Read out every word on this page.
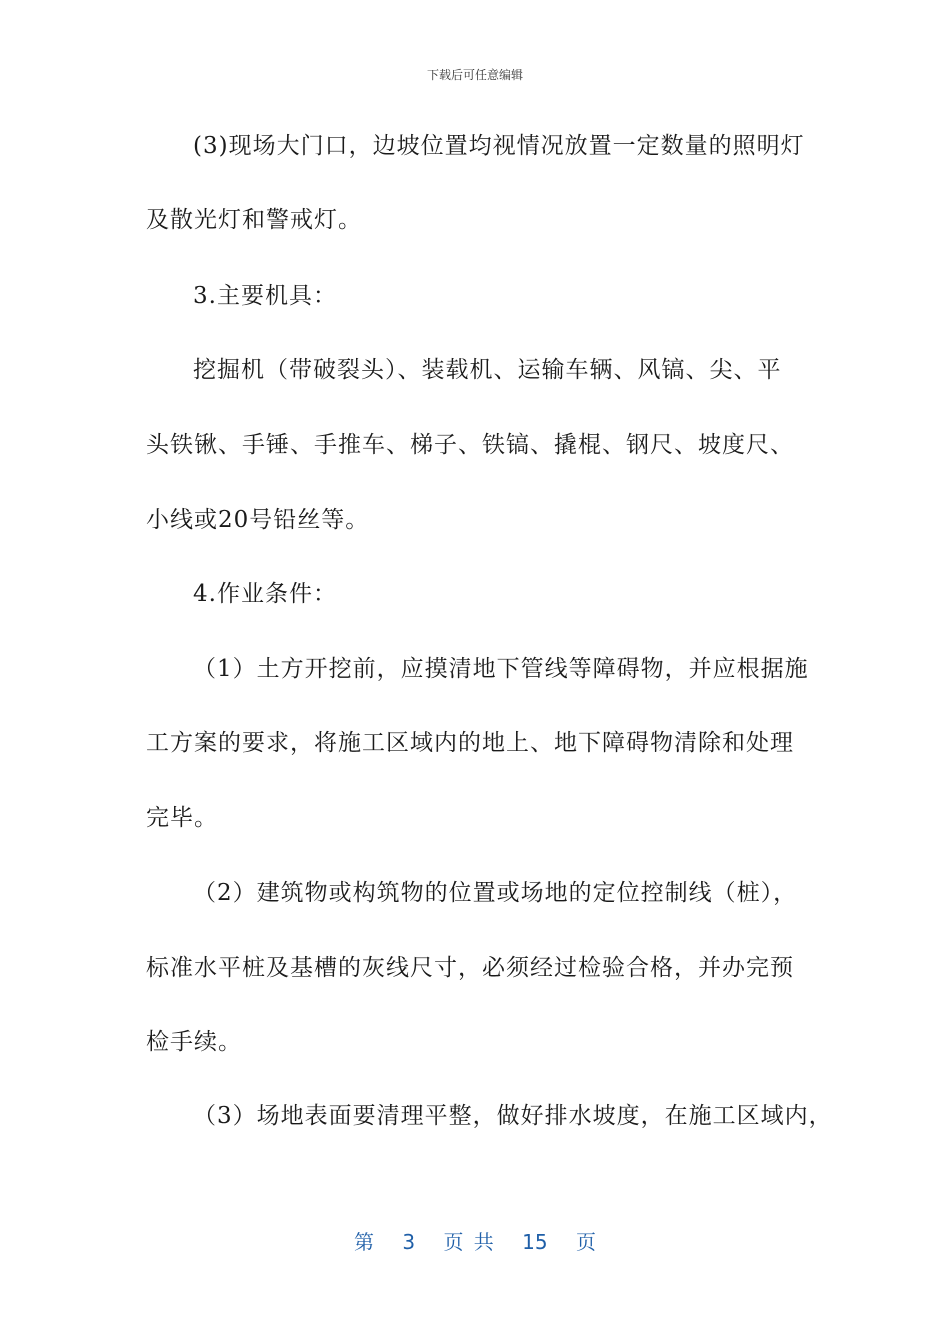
下载后可任意编辑
(3)现场大门口，边坡位置均视情况放置一定数量的照明灯
及散光灯和警戒灯。
3.主要机具：
挖掘机（带破裂头）、装载机、运输车辆、风镐、尖、平
头铁锹、手锤、手推车、梯子、铁镐、撬棍、钢尺、坡度尺、
小线或20号铅丝等。
4.作业条件：
（1）土方开挖前，应摸清地下管线等障碍物，并应根据施
工方案的要求，将施工区域内的地上、地下障碍物清除和处理
完毕。
（2）建筑物或构筑物的位置或场地的定位控制线（桩），
标准水平桩及基槽的灰线尺寸，必须经过检验合格，并办完预
检手续。
（3）场地表面要清理平整，做好排水坡度，在施工区域内，
第 3 页 共 15 页
